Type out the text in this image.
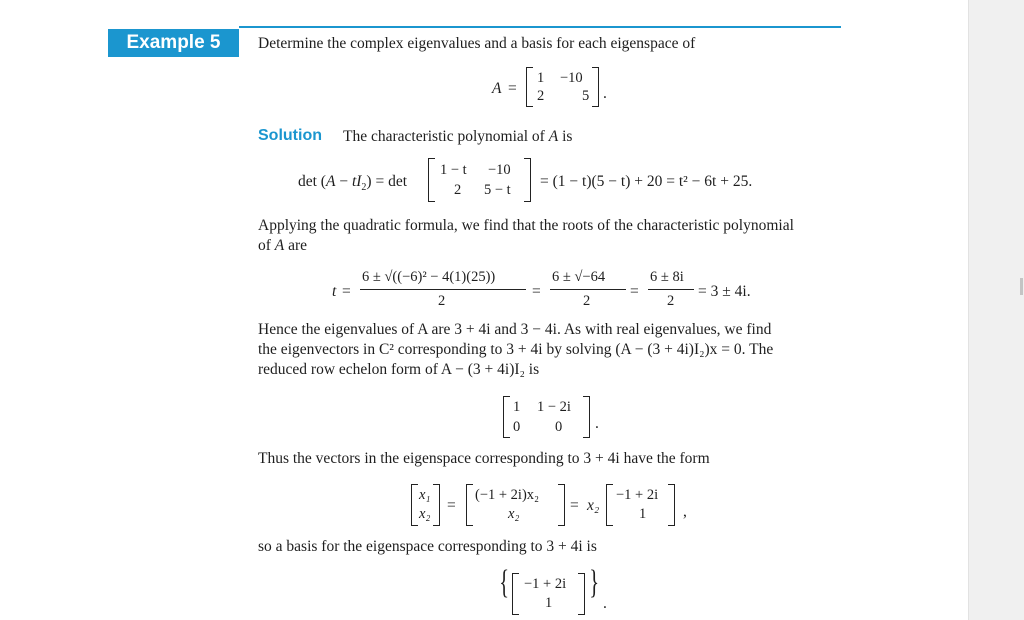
Example 5	Determine the complex eigenvalues and a basis for each eigenspace of
A =
1 −10
2	5 .
Solution The characteristic polynomial of A is
$\det (A - tI_2) = \det$
1 − t −10
2 5 − t = (1 − t)(5 − t) + 20 = t² − 6t + 25.
Applying the quadratic formula, we find that the roots of the characteristic polynomial
of A are
t =
6 ± √((−6)² − 4(1)(25))
2
=
6 ± √−64
2
=
6 ± 8i
2
= 3 ± 4i.
Hence the eigenvalues of A are 3 + 4i and 3 − 4i. As with real eigenvalues, we find
the eigenvectors in C² corresponding to 3 + 4i by solving (A − (3 + 4i)I₂)x = 0. The
reduced row echelon form of A − (3 + 4i)I₂ is
1 1 − 2i
0 0 .
Thus the vectors in the eigenspace corresponding to 3 + 4i have the form
x₁
x₂ =
(−1 + 2i)x₂
x₂	= x₂
−1 + 2i
1 ,
so a basis for the eigenspace corresponding to 3 + 4i is
{ −1 + 2i
1
}
.
